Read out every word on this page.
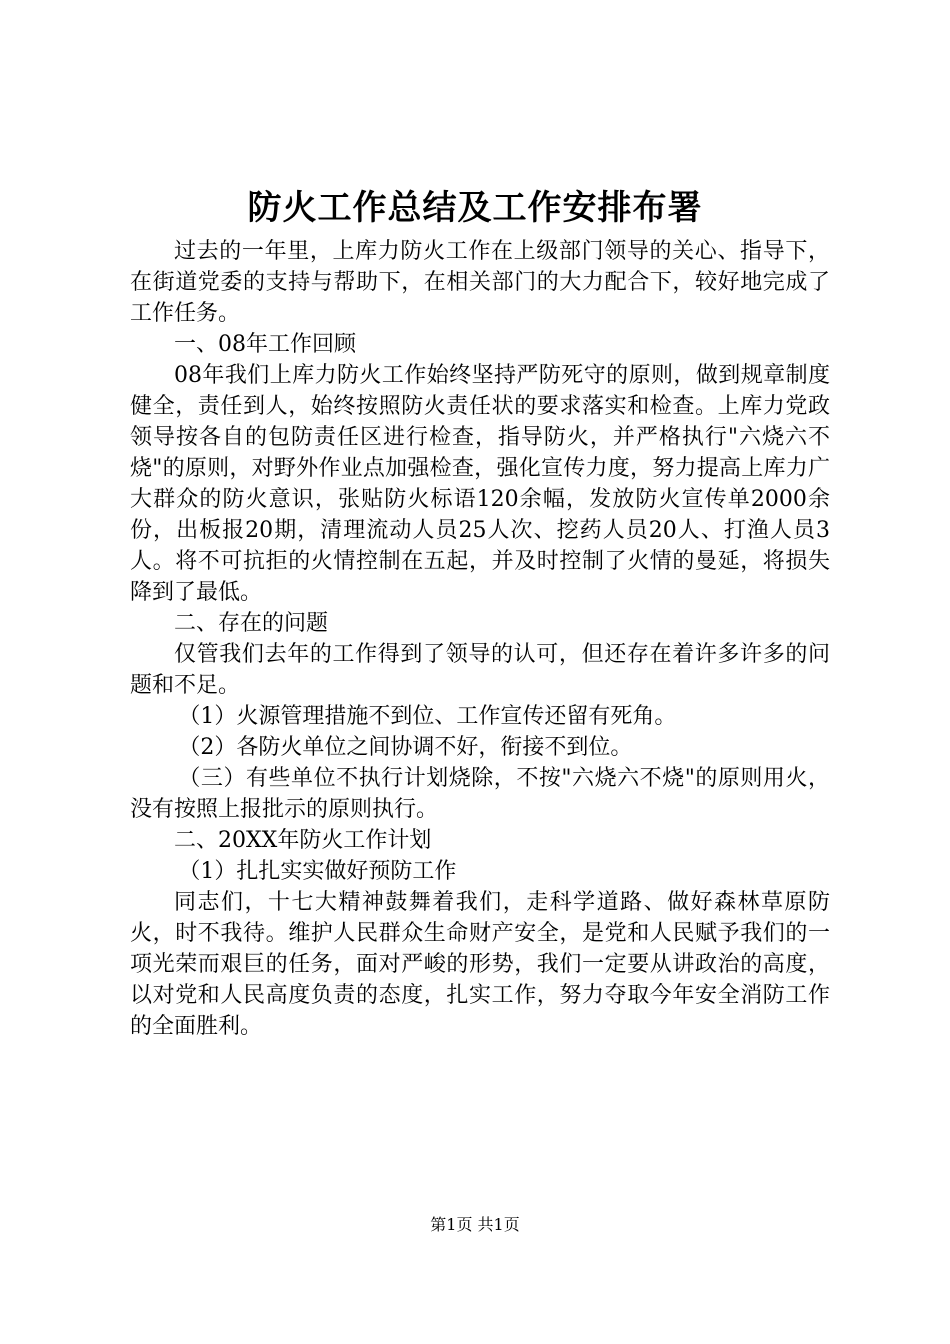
防火工作总结及工作安排布署

过去的一年里，上库力防火工作在上级部门领导的关心、指导下，在街道党委的支持与帮助下，在相关部门的大力配合下，较好地完成了工作任务。

一、08年工作回顾

08年我们上库力防火工作始终坚持严防死守的原则，做到规章制度健全，责任到人，始终按照防火责任状的要求落实和检查。上库力党政领导按各自的包防责任区进行检查，指导防火，并严格执行"六烧六不烧"的原则，对野外作业点加强检查，强化宣传力度，努力提高上库力广大群众的防火意识，张贴防火标语120余幅，发放防火宣传单2000余份，出板报20期，清理流动人员25人次、挖药人员20人、打渔人员3人。将不可抗拒的火情控制在五起，并及时控制了火情的曼延，将损失降到了最低。

二、存在的问题

仅管我们去年的工作得到了领导的认可，但还存在着许多许多的问题和不足。

（1）火源管理措施不到位、工作宣传还留有死角。

（2）各防火单位之间协调不好，衔接不到位。

（三）有些单位不执行计划烧除，不按"六烧六不烧"的原则用火，没有按照上报批示的原则执行。

二、20XX年防火工作计划

（1）扎扎实实做好预防工作

同志们，十七大精神鼓舞着我们，走科学道路、做好森林草原防火，时不我待。维护人民群众生命财产安全，是党和人民赋予我们的一项光荣而艰巨的任务，面对严峻的形势，我们一定要从讲政治的高度，以对党和人民高度负责的态度，扎实工作，努力夺取今年安全消防工作的全面胜利。

第1页 共1页
